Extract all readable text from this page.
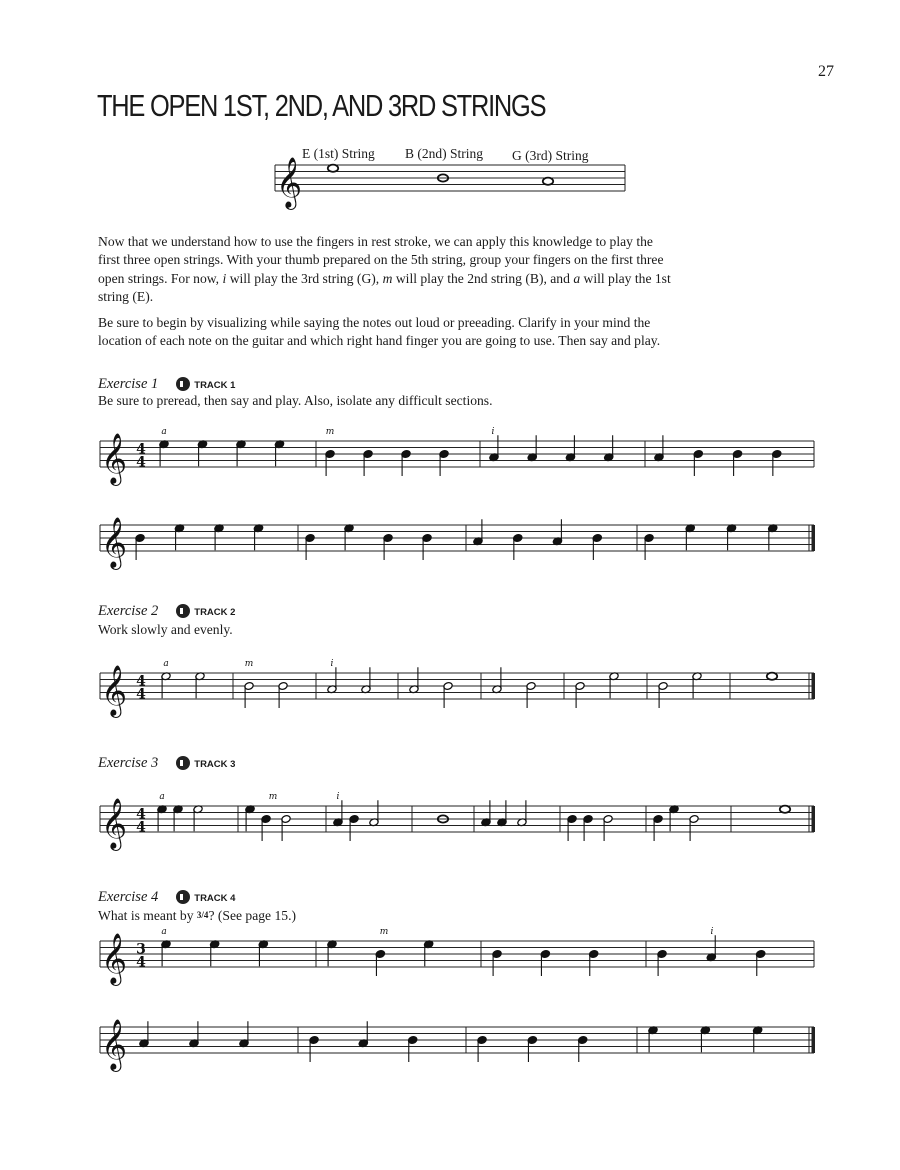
27
THE OPEN 1ST, 2ND, AND 3RD STRINGS
E (1st) String B (2nd) String G (3rd) String

Now that we understand how to use the fingers in rest stroke, we can apply this knowledge to play the
first three open strings. With your thumb prepared on the 5th string, group your fingers on the first three
open strings. For now, i will play the 3rd string (G), m will play the 2nd string (B), and a will play the 1st
string (E).

Be sure to begin by visualizing while saying the notes out loud or preeading. Clarify in your mind the
location of each note on the guitar and which right hand finger you are going to use. Then say and play.

Exercise 1	TRACK 1
Be sure to preread, then say and play. Also, isolate any difficult sections.
Exercise 2	TRACK 2
Work slowly and evenly.
Exercise 3	TRACK 3
Exercise 4	TRACK 4
What is meant by 3/4? (See page 15.)
𝄞
𝄞 4
4
a	m	i
𝄞
𝄞 4
4
a	m	i
𝄞 4
4
a	m	i
𝄞 3
4
a	m	i
𝄞
